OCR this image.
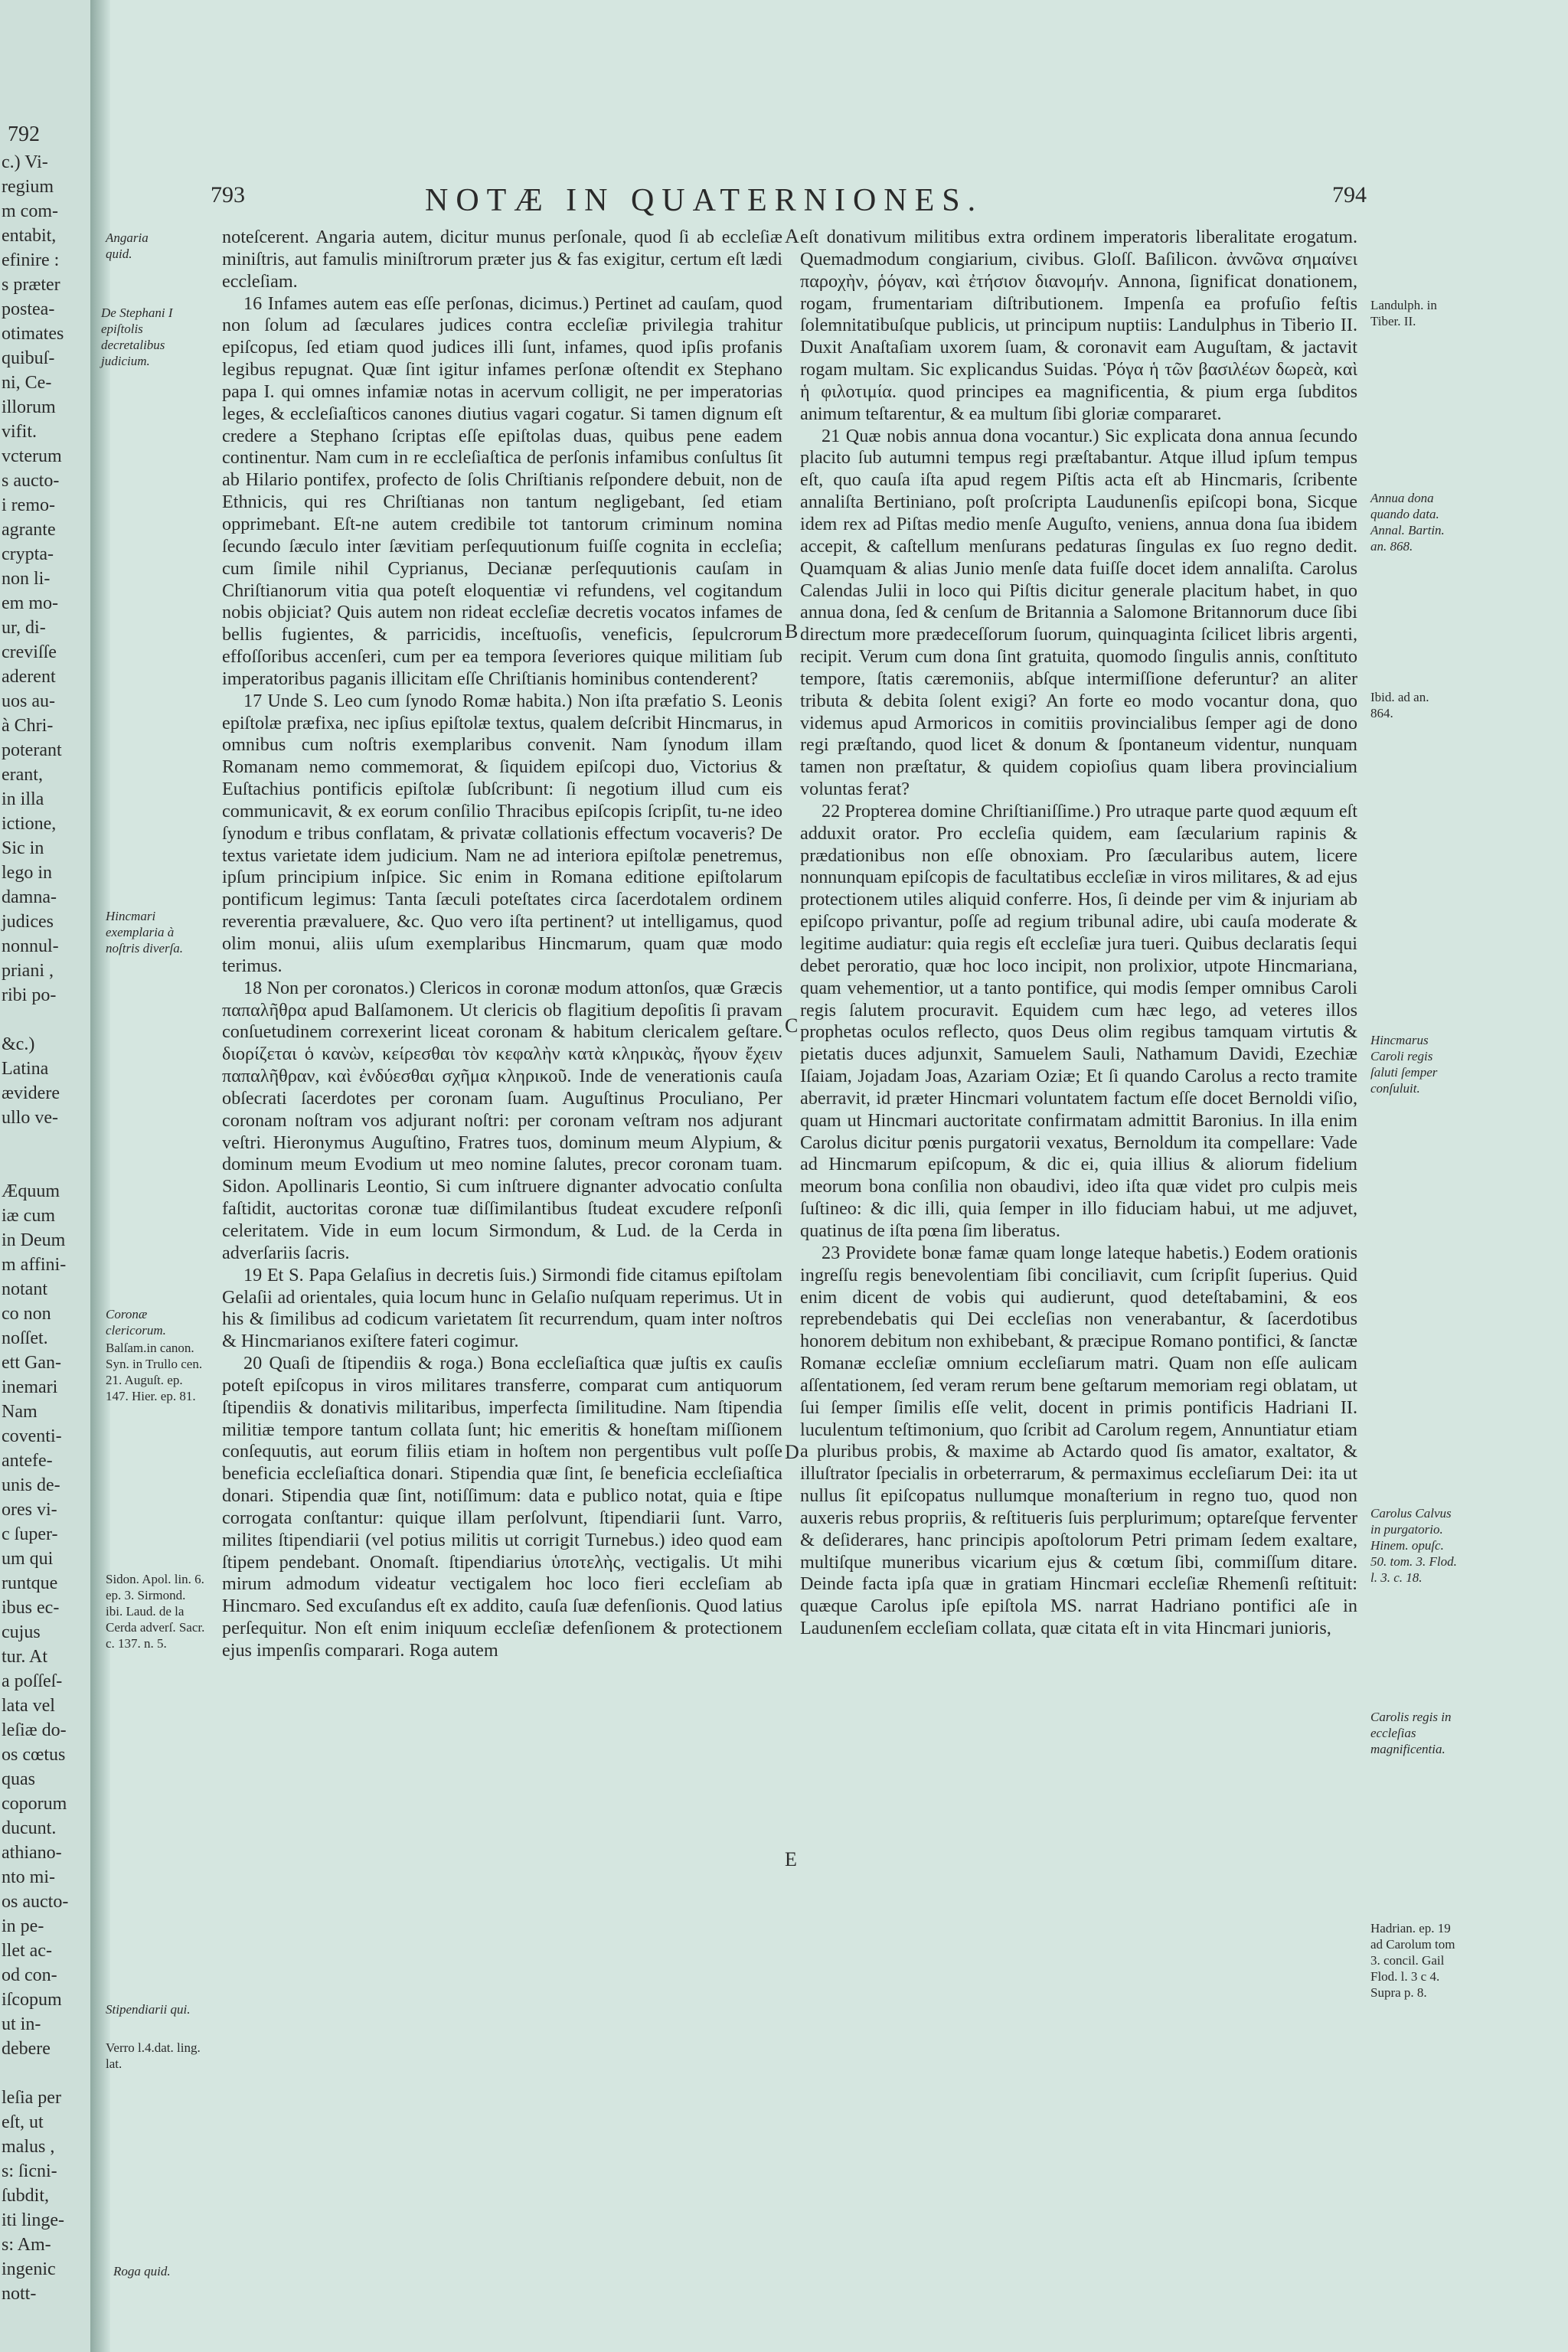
792
c.) Vi-
regium
m com-
entabit,
efinire :
s præter
postea-
otimates
quibuſ-
ni, Ce-
illorum
vifit.
vcterum
s aucto-
i remo-
agrante
crypta-
non li-
em mo-
ur, di-
creviſſe
aderent
uos au-
à Chri-
poterant
erant,
in illa
ictione,
Sic in
lego in
damna-
judices
nonnul-
priani ,
ribi po-
&c.)
Latina
ævidere
ullo ve-
Æquum
iæ cum
in Deum
m affini-
notant
co non
noſſet.
ett Gan-
inemari
Nam
coventi-
antefe-
unis de-
ores vi-
c ſuper-
um qui
runtque
ibus ec-
cujus
tur. At
a poſſeſ-
lata vel
leſiæ do-
os cœtus
quas
coporum
ducunt.
athiano-
nto mi-
os aucto-
in pe-
llet ac-
od con-
iſcopum
ut in-
debere
leſia per
eſt, ut
malus ,
s: ſicni-
ſubdit,
iti linge-
s: Am-
ingenic
nott-
793	NOTÆ IN QUATERNIONES.	794
Angaria quid.
De Stephani I epiſtolis decretalibus judicium.
Hincmari exemplaria à noſtris diverſa.
Coronæ clericorum.
Balſam.in canon. Syn. in Trullo cen. 21. Auguſt. ep. 147. Hier. ep. 81.
Sidon. Apol. lin. 6. ep. 3. Sirmond. ibi. Laud. de la Cerda adverſ. Sacr. c. 137. n. 5.
Stipendiarii qui.
Verro l.4.dat. ling. lat.
Roga quid.
Landulph. in Tiber. II.
Annua dona quando data. Annal. Bartin. an. 868.
Ibid. ad an. 864.
Hincmarus Caroli regis ſaluti ſemper conſuluit.
Carolus Calvus in purgatorio. Hinem. opuſc. 50. tom. 3. Flod. l. 3. c. 18.
Carolis regis in eccleſias magnificentia.
Hadrian. ep. 19 ad Carolum tom 3. concil. Gail Flod. l. 3 c 4. Supra p. 8.
A
B
C
D
E

noteſcerent. Angaria autem, dicitur munus perſonale, quod ſi ab eccleſiæ miniſtris, aut famulis miniſtrorum præter jus & fas exigitur, certum eſt lædi eccleſiam.

16 Infames autem eas eſſe perſonas, dicimus.) Pertinet ad cauſam, quod non ſolum ad ſæculares judices contra eccleſiæ privilegia trahitur epiſcopus, ſed etiam quod judices illi ſunt, infames, quod ipſis profanis legibus repugnat. Quæ ſint igitur infames perſonæ oſtendit ex Stephano papa I. qui omnes infamiæ notas in acervum colligit, ne per imperatorias leges, & eccleſiaſticos canones diutius vagari cogatur. Si tamen dignum eſt credere a Stephano ſcriptas eſſe epiſtolas duas, quibus pene eadem continentur. Nam cum in re eccleſiaſtica de perſonis infamibus conſultus ſit ab Hilario pontifex, profecto de ſolis Chriſtianis reſpondere debuit, non de Ethnicis, qui res Chriſtianas non tantum negligebant, ſed etiam opprimebant. Eſt-ne autem credibile tot tantorum criminum nomina ſecundo ſæculo inter ſævitiam perſequutionum fuiſſe cognita in eccleſia; cum ſimile nihil Cyprianus, Decianæ perſequutionis cauſam in Chriſtianorum vitia qua poteſt eloquentiæ vi refundens, vel cogitandum nobis objiciat? Quis autem non rideat eccleſiæ decretis vocatos infames de bellis fugientes, & parricidis, inceſtuoſis, veneficis, ſepulcrorum effoſſoribus accenſeri, cum per ea tempora ſeveriores quique militiam ſub imperatoribus paganis illicitam eſſe Chriſtianis hominibus contenderent?

17 Unde S. Leo cum ſynodo Romæ habita.) Non iſta præfatio S. Leonis epiſtolæ præfixa, nec ipſius epiſtolæ textus, qualem deſcribit Hincmarus, in omnibus cum noſtris exemplaribus convenit. Nam ſynodum illam Romanam nemo commemorat, & ſiquidem epiſcopi duo, Victorius & Euſtachius pontificis epiſtolæ ſubſcribunt: ſi negotium illud cum eis communicavit, & ex eorum conſilio Thracibus epiſcopis ſcripſit, tu-ne ideo ſynodum e tribus conflatam, & privatæ collationis effectum vocaveris? De textus varietate idem judicium. Nam ne ad interiora epiſtolæ penetremus, ipſum principium inſpice. Sic enim in Romana editione epiſtolarum pontificum legimus: Tanta ſæculi poteſtates circa ſacerdotalem ordinem reverentia prævaluere, &c. Quo vero iſta pertinent? ut intelligamus, quod olim monui, aliis uſum exemplaribus Hincmarum, quam quæ modo terimus.

18 Non per coronatos.) Clericos in coronæ modum attonſos, quæ Græcis παπαλῆθρα apud Balſamonem. Ut clericis ob flagitium depoſitis ſi pravam conſuetudinem correxerint liceat coronam & habitum clericalem geſtare. διορίζεται ὁ κανὼν, κείρεσθαι τὸν κεφαλὴν κατὰ κληρικὰς, ἤγουν ἔχειν παπαλῆθραν, καὶ ἐνδύεσθαι σχῆμα κληρικοῦ. Inde de venerationis cauſa obſecrati ſacerdotes per coronam ſuam. Auguſtinus Proculiano, Per coronam noſtram vos adjurant noſtri: per coronam veſtram nos adjurant veſtri. Hieronymus Auguſtino, Fratres tuos, dominum meum Alypium, & dominum meum Evodium ut meo nomine ſalutes, precor coronam tuam. Sidon. Apollinaris Leontio, Si cum inſtruere dignanter advocatio conſulta faſtidit, auctoritas coronæ tuæ diſſimilantibus ſtudeat excudere reſponſi celeritatem. Vide in eum locum Sirmondum, & Lud. de la Cerda in adverſariis ſacris.

19 Et S. Papa Gelaſius in decretis ſuis.) Sirmondi fide citamus epiſtolam Gelaſii ad orientales, quia locum hunc in Gelaſio nuſquam reperimus. Ut in his & ſimilibus ad codicum varietatem ſit recurrendum, quam inter noſtros & Hincmarianos exiſtere fateri cogimur.

20 Quaſi de ſtipendiis & roga.) Bona eccleſiaſtica quæ juſtis ex cauſis poteſt epiſcopus in viros militares transferre, comparat cum antiquorum ſtipendiis & donativis militaribus, imperfecta ſimilitudine. Nam ſtipendia militiæ tempore tantum collata ſunt; hic emeritis & honeſtam miſſionem conſequutis, aut eorum filiis etiam in hoſtem non pergentibus vult poſſe beneficia eccleſiaſtica donari. Stipendia quæ ſint, ſe beneficia eccleſiaſtica donari. Stipendia quæ ſint, notiſſimum: data e publico notat, quia e ſtipe corrogata conſtantur: quique illam perſolvunt, ſtipendiarii ſunt. Varro, milites ſtipendiarii (vel potius militis ut corrigit Turnebus.) ideo quod eam ſtipem pendebant. Onomaſt. ſtipendiarius ὑποτελὴς, vectigalis. Ut mihi mirum admodum videatur vectigalem hoc loco fieri eccleſiam ab Hincmaro. Sed excuſandus eſt ex addito, cauſa ſuæ defenſionis. Quod latius perſequitur. Non eſt enim iniquum eccleſiæ defenſionem & protectionem ejus impenſis comparari. Roga autem

eſt donativum militibus extra ordinem imperatoris liberalitate erogatum. Quemadmodum congiarium, civibus. Gloſſ. Baſilicon. ἀννῶνα σημαίνει παροχὴν, ῥόγαν, καὶ ἐτήσιον διανομήν. Annona, ſignificat donationem, rogam, frumentariam diſtributionem. Impenſa ea profuſio feſtis ſolemnitatibuſque publicis, ut principum nuptiis: Landulphus in Tiberio II. Duxit Anaſtaſiam uxorem ſuam, & coronavit eam Auguſtam, & jactavit rogam multam. Sic explicandus Suidas. Ῥόγα ἡ τῶν βασιλέων δωρεὰ, καὶ ἡ φιλοτιμία. quod principes ea magnificentia, & pium erga ſubditos animum teſtarentur, & ea multum ſibi gloriæ compararet.

21 Quæ nobis annua dona vocantur.) Sic explicata dona annua ſecundo placito ſub autumni tempus regi præſtabantur. Atque illud ipſum tempus eſt, quo cauſa iſta apud regem Piſtis acta eſt ab Hincmaris, ſcribente annaliſta Bertiniano, poſt proſcripta Laudunenſis epiſcopi bona, Sicque idem rex ad Piſtas medio menſe Auguſto, veniens, annua dona ſua ibidem accepit, & caſtellum menſurans pedaturas ſingulas ex ſuo regno dedit. Quamquam & alias Junio menſe data fuiſſe docet idem annaliſta. Carolus Calendas Julii in loco qui Piſtis dicitur generale placitum habet, in quo annua dona, ſed & cenſum de Britannia a Salomone Britannorum duce ſibi directum more prædeceſſorum ſuorum, quinquaginta ſcilicet libris argenti, recipit. Verum cum dona ſint gratuita, quomodo ſingulis annis, conſtituto tempore, ſtatis cæremoniis, abſque intermiſſione deferuntur? an aliter tributa & debita ſolent exigi? An forte eo modo vocantur dona, quo videmus apud Armoricos in comitiis provincialibus ſemper agi de dono regi præſtando, quod licet & donum & ſpontaneum videntur, nunquam tamen non præſtatur, & quidem copioſius quam libera provincialium voluntas ferat?

22 Propterea domine Chriſtianiſſime.) Pro utraque parte quod æquum eſt adduxit orator. Pro eccleſia quidem, eam ſæcularium rapinis & prædationibus non eſſe obnoxiam. Pro ſæcularibus autem, licere nonnunquam epiſcopis de facultatibus eccleſiæ in viros militares, & ad ejus protectionem utiles aliquid conferre. Hos, ſi deinde per vim & injuriam ab epiſcopo privantur, poſſe ad regium tribunal adire, ubi cauſa moderate & legitime audiatur: quia regis eſt eccleſiæ jura tueri. Quibus declaratis ſequi debet peroratio, quæ hoc loco incipit, non prolixior, utpote Hincmariana, quam vehementior, ut a tanto pontifice, qui modis ſemper omnibus Caroli regis ſalutem procuravit. Equidem cum hæc lego, ad veteres illos prophetas oculos reflecto, quos Deus olim regibus tamquam virtutis & pietatis duces adjunxit, Samuelem Sauli, Nathamum Davidi, Ezechiæ Iſaiam, Jojadam Joas, Azariam Oziæ; Et ſi quando Carolus a recto tramite aberravit, id præter Hincmari voluntatem factum eſſe docet Bernoldi viſio, quam ut Hincmari auctoritate confirmatam admittit Baronius. In illa enim Carolus dicitur pœnis purgatorii vexatus, Bernoldum ita compellare: Vade ad Hincmarum epiſcopum, & dic ei, quia illius & aliorum fidelium meorum bona conſilia non obaudivi, ideo iſta quæ videt pro culpis meis ſuſtineo: & dic illi, quia ſemper in illo fiduciam habui, ut me adjuvet, quatinus de iſta pœna ſim liberatus.

23 Providete bonæ famæ quam longe lateque habetis.) Eodem orationis ingreſſu regis benevolentiam ſibi conciliavit, cum ſcripſit ſuperius. Quid enim dicent de vobis qui audierunt, quod deteſtabamini, & eos reprebendebatis qui Dei eccleſias non venerabantur, & ſacerdotibus honorem debitum non exhibebant, & præcipue Romano pontifici, & ſanctæ Romanæ eccleſiæ omnium eccleſiarum matri. Quam non eſſe aulicam aſſentationem, ſed veram rerum bene geſtarum memoriam regi oblatam, ut ſui ſemper ſimilis eſſe velit, docent in primis pontificis Hadriani II. luculentum teſtimonium, quo ſcribit ad Carolum regem, Annuntiatur etiam a pluribus probis, & maxime ab Actardo quod ſis amator, exaltator, & illuſtrator ſpecialis in orbeterrarum, & permaximus eccleſiarum Dei: ita ut nullus ſit epiſcopatus nullumque monaſterium in regno tuo, quod non auxeris rebus propriis, & reſtitueris ſuis perplurimum; optareſque ferventer & deſiderares, hanc principis apoſtolorum Petri primam ſedem exaltare, multiſque muneribus vicarium ejus & cœtum ſibi, commiſſum ditare. Deinde facta ipſa quæ in gratiam Hincmari eccleſiæ Rhemenſi reſtituit: quæque Carolus ipſe epiſtola MS. narrat Hadriano pontifici aſe in Laudunenſem eccleſiam collata, quæ citata eſt in vita Hincmari junioris,
